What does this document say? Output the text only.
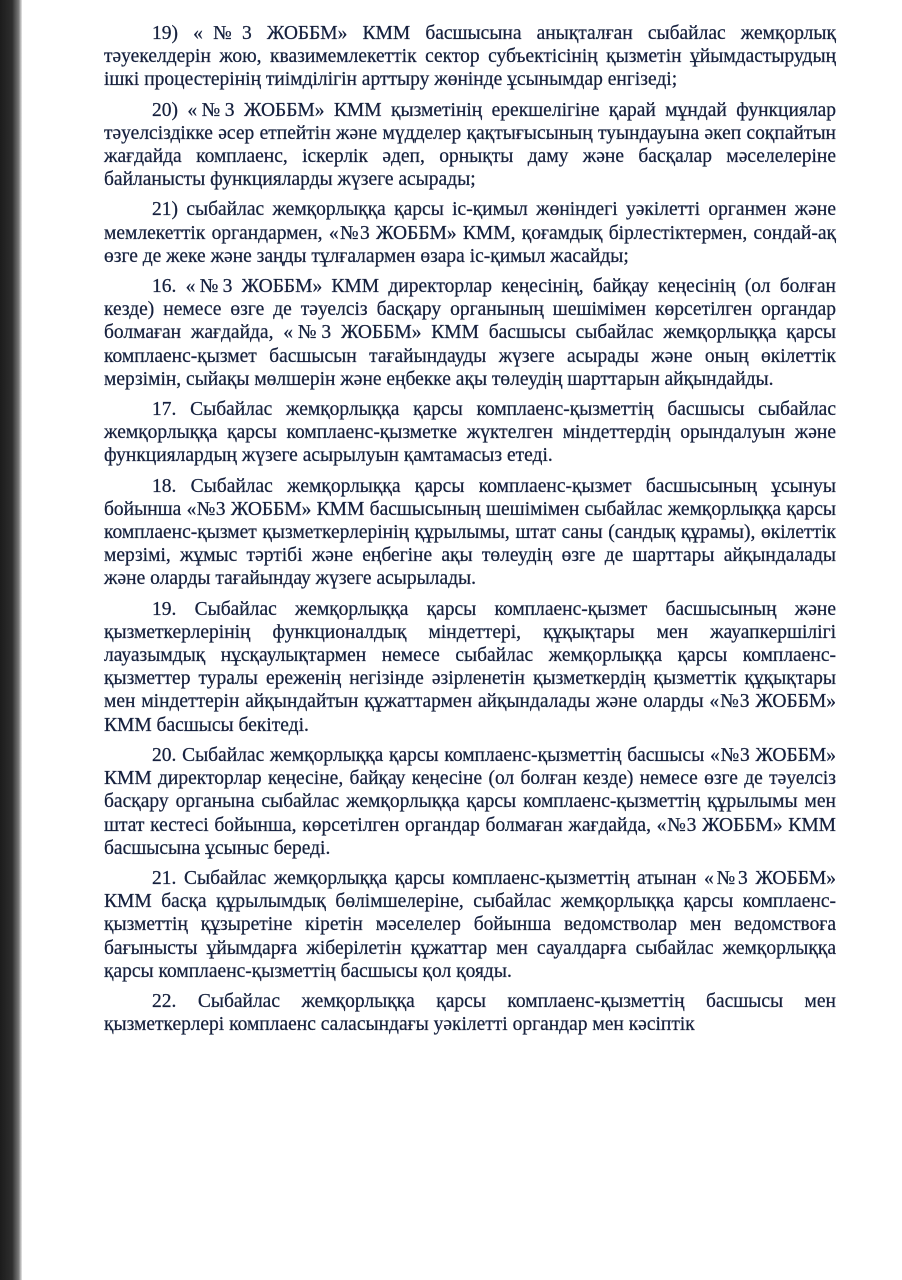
19) «№3 ЖОББМ» КММ басшысына анықталған сыбайлас жемқорлық тәуекелдерін жою, квазимемлекеттік сектор субъектісінің қызметін ұйымдастырудың ішкі процестерінің тиімділігін арттыру жөнінде ұсынымдар енгізеді;

20) «№3 ЖОББМ» КММ қызметінің ерекшелігіне қарай мұндай функциялар тәуелсіздікке әсер етпейтін және мүдделер қақтығысының туындауына әкеп соқпайтын жағдайда комплаенс, іскерлік әдеп, орнықты даму және басқалар мәселелеріне байланысты функцияларды жүзеге асырады;

21) сыбайлас жемқорлыққа қарсы іс-қимыл жөніндегі уәкілетті органмен және мемлекеттік органдармен, «№3 ЖОББМ» КММ, қоғамдық бірлестіктермен, сондай-ақ өзге де жеке және заңды тұлғалармен өзара іс-қимыл жасайды;

16. «№3 ЖОББМ» КММ директорлар кеңесінің, байқау кеңесінің (ол болған кезде) немесе өзге де тәуелсіз басқару органының шешімімен көрсетілген органдар болмаған жағдайда, «№3 ЖОББМ» КММ басшысы сыбайлас жемқорлыққа қарсы комплаенс-қызмет басшысын тағайындауды жүзеге асырады және оның өкілеттік мерзімін, сыйақы мөлшерін және еңбекке ақы төлеудің шарттарын айқындайды.

17. Сыбайлас жемқорлыққа қарсы комплаенс-қызметтің басшысы сыбайлас жемқорлыққа қарсы комплаенс-қызметке жүктелген міндеттердің орындалуын және функциялардың жүзеге асырылуын қамтамасыз етеді.

18. Сыбайлас жемқорлыққа қарсы комплаенс-қызмет басшысының ұсынуы бойынша «№3 ЖОББМ» КММ басшысының шешімімен сыбайлас жемқорлыққа қарсы комплаенс-қызмет қызметкерлерінің құрылымы, штат саны (сандық құрамы), өкілеттік мерзімі, жұмыс тәртібі және еңбегіне ақы төлеудің өзге де шарттары айқындалады және оларды тағайындау жүзеге асырылады.

19. Сыбайлас жемқорлыққа қарсы комплаенс-қызмет басшысының және қызметкерлерінің функционалдық міндеттері, құқықтары мен жауапкершілігі лауазымдық нұсқаулықтармен немесе сыбайлас жемқорлыққа қарсы комплаенс-қызметтер туралы ереженің негізінде әзірленетін қызметкердің қызметтік құқықтары мен міндеттерін айқындайтын құжаттармен айқындалады және оларды «№3 ЖОББМ» КММ басшысы бекітеді.

20. Сыбайлас жемқорлыққа қарсы комплаенс-қызметтің басшысы «№3 ЖОББМ» КММ директорлар кеңесіне, байқау кеңесіне (ол болған кезде) немесе өзге де тәуелсіз басқару органына сыбайлас жемқорлыққа қарсы комплаенс-қызметтің құрылымы мен штат кестесі бойынша, көрсетілген органдар болмаған жағдайда, «№3 ЖОББМ» КММ басшысына ұсыныс береді.

21. Сыбайлас жемқорлыққа қарсы комплаенс-қызметтің атынан «№3 ЖОББМ» КММ басқа құрылымдық бөлімшелеріне, сыбайлас жемқорлыққа қарсы комплаенс-қызметтің құзыретіне кіретін мәселелер бойынша ведомстволар мен ведомствоға бағынысты ұйымдарға жіберілетін құжаттар мен сауалдарға сыбайлас жемқорлыққа қарсы комплаенс-қызметтің басшысы қол қояды.

22. Сыбайлас жемқорлыққа қарсы комплаенс-қызметтің басшысы мен қызметкерлері комплаенс саласындағы уәкілетті органдар мен кәсіптік
